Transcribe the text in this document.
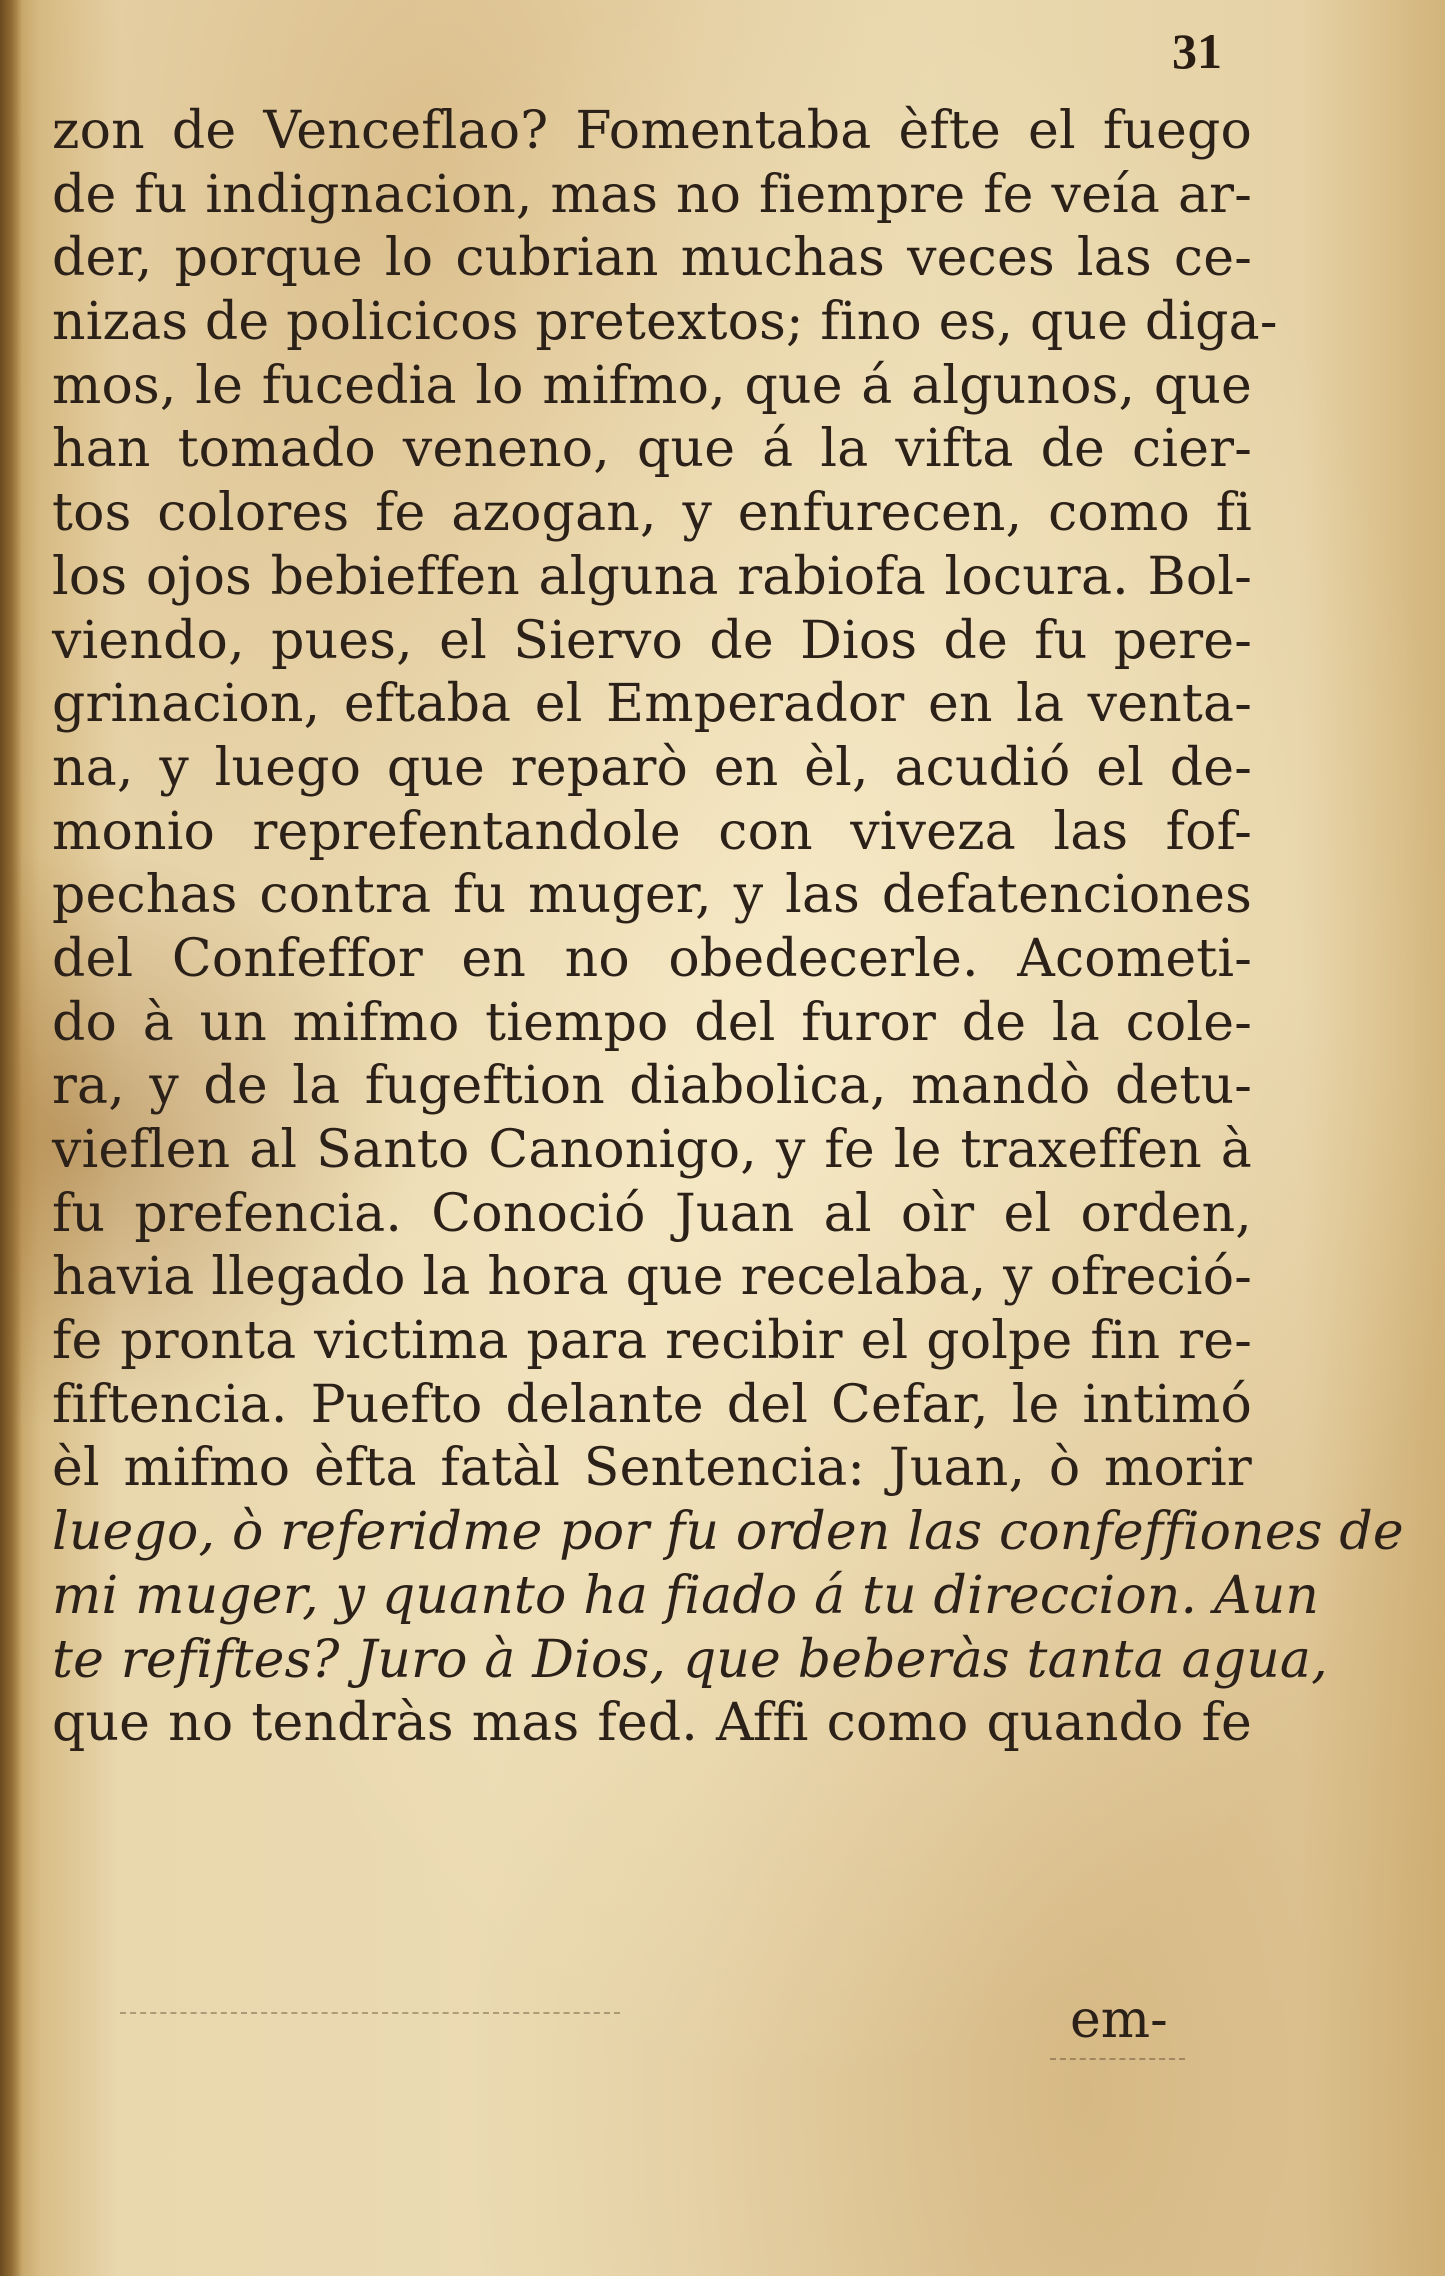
31
zon de Venceflao? Fomentaba èfte el fuego
de fu indignacion, mas no fiempre fe veía ar-
der, porque lo cubrian muchas veces las ce-
nizas de policicos pretextos; fino es, que diga-
mos, le fucedia lo mifmo, que á algunos, que
han tomado veneno, que á la vifta de cier-
tos colores fe azogan, y enfurecen, como fi
los ojos bebieffen alguna rabiofa locura. Bol-
viendo, pues, el Siervo de Dios de fu pere-
grinacion, eftaba el Emperador en la venta-
na, y luego que reparò en èl, acudió el de-
monio reprefentandole con viveza las fof-
pechas contra fu muger, y las defatenciones
del Confeffor en no obedecerle. Acometi-
do à un mifmo tiempo del furor de la cole-
ra, y de la fugeftion diabolica, mandò detu-
vieflen al Santo Canonigo, y fe le traxeffen à
fu prefencia. Conoció Juan al oìr el orden,
havia llegado la hora que recelaba, y ofreció-
fe pronta victima para recibir el golpe fin re-
fiftencia. Puefto delante del Cefar, le intimó
èl mifmo èfta fatàl Sentencia: Juan, ò morir
luego, ò referidme por fu orden las confeffiones de
mi muger, y quanto ha fiado á tu direccion. Aun
te refiftes? Juro à Dios, que beberàs tanta agua,
que no tendràs mas fed. Affi como quando fe
em-
